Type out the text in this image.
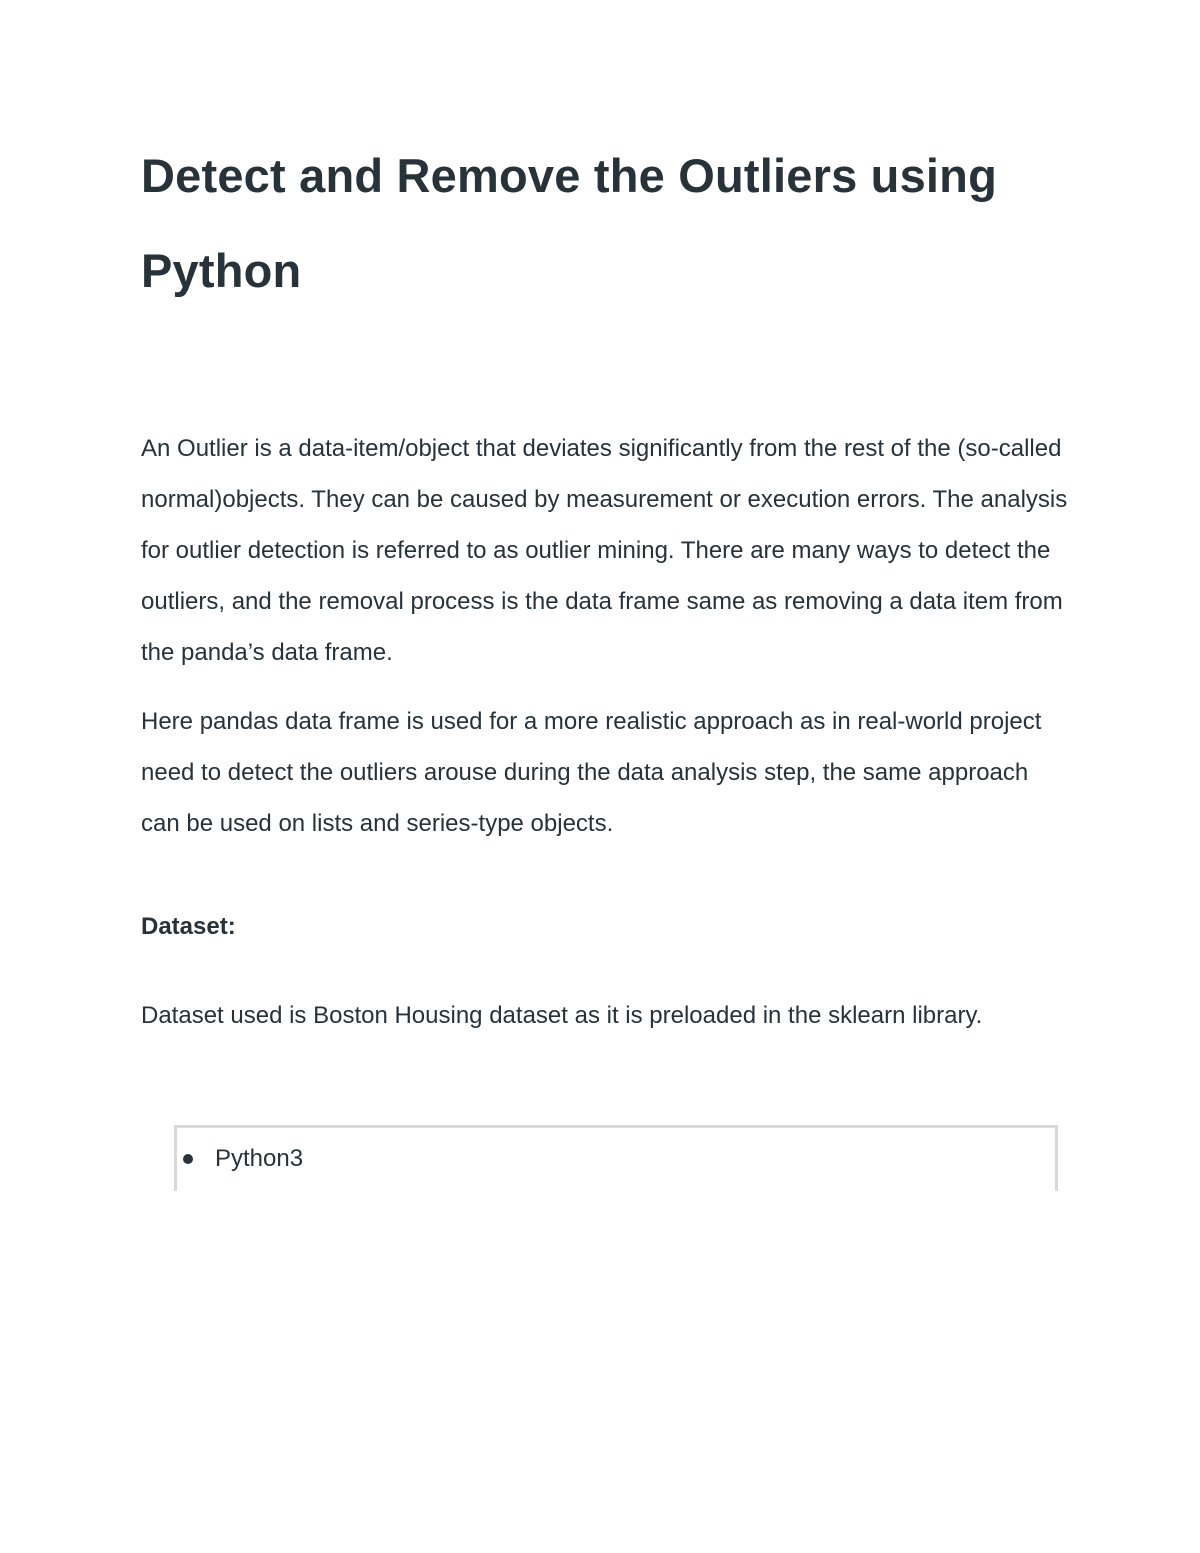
Detect and Remove the Outliers using Python

An Outlier is a data-item/object that deviates significantly from the rest of the (so-called normal)objects. They can be caused by measurement or execution errors. The analysis for outlier detection is referred to as outlier mining. There are many ways to detect the outliers, and the removal process is the data frame same as removing a data item from the panda’s data frame.

Here pandas data frame is used for a more realistic approach as in real-world project need to detect the outliers arouse during the data analysis step, the same approach can be used on lists and series-type objects.

Dataset:

Dataset used is Boston Housing dataset as it is preloaded in the sklearn library.

Python3
